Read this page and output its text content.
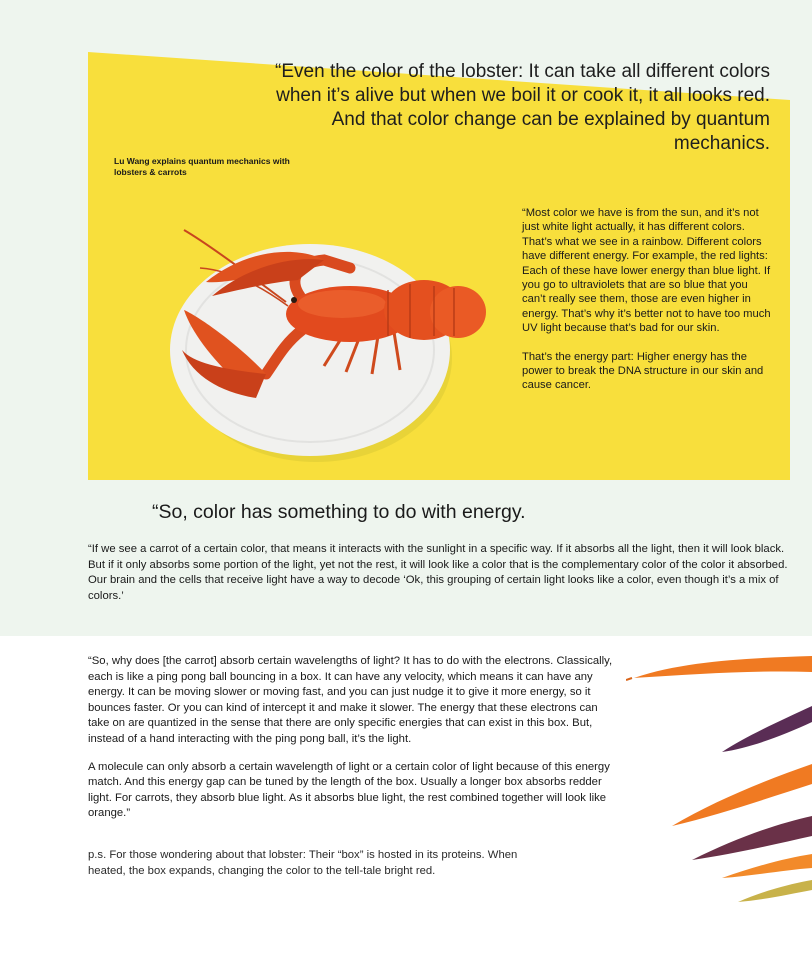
“Even the color of the lobster: It can take all different colors when it’s alive but when we boil it or cook it, it all looks red. And that color change can be explained by quantum mechanics.

Lu Wang explains quantum mechanics with lobsters & carrots

“Most color we have is from the sun, and it’s not just white light actually, it has different colors. That’s what we see in a rainbow. Different colors have different energy. For example, the red lights: Each of these have lower energy than blue light. If you go to ultraviolets that are so blue that you can’t really see them, those are even higher in energy. That’s why it’s better not to have too much UV light because that’s bad for our skin.

That’s the energy part: Higher energy has the power to break the DNA structure in our skin and cause cancer.

“So, color has something to do with energy.

“If we see a carrot of a certain color, that means it interacts with the sunlight in a specific way. If it absorbs all the light, then it will look black. But if it only absorbs some portion of the light, yet not the rest, it will look like a color that is the complementary color of the color it absorbed. Our brain and the cells that receive light have a way to decode ‘Ok, this grouping of certain light looks like a color, even though it’s a mix of colors.’

“So, why does [the carrot] absorb certain wavelengths of light? It has to do with the electrons. Classically, each is like a ping pong ball bouncing in a box. It can have any velocity, which means it can have any energy. It can be moving slower or moving fast, and you can just nudge it to give it more energy, so it bounces faster. Or you can kind of intercept it and make it slower. The energy that these electrons can take on are quantized in the sense that there are only specific energies that can exist in this box. But, instead of a hand interacting with the ping pong ball, it’s the light.

A molecule can only absorb a certain wavelength of light or a certain color of light because of this energy match. And this energy gap can be tuned by the length of the box. Usually a longer box absorbs redder light. For carrots, they absorb blue light. As it absorbs blue light, the rest combined together will look like orange.”

p.s. For those wondering about that lobster: Their “box” is hosted in its proteins. When heated, the box expands, changing the color to the tell-tale bright red.
